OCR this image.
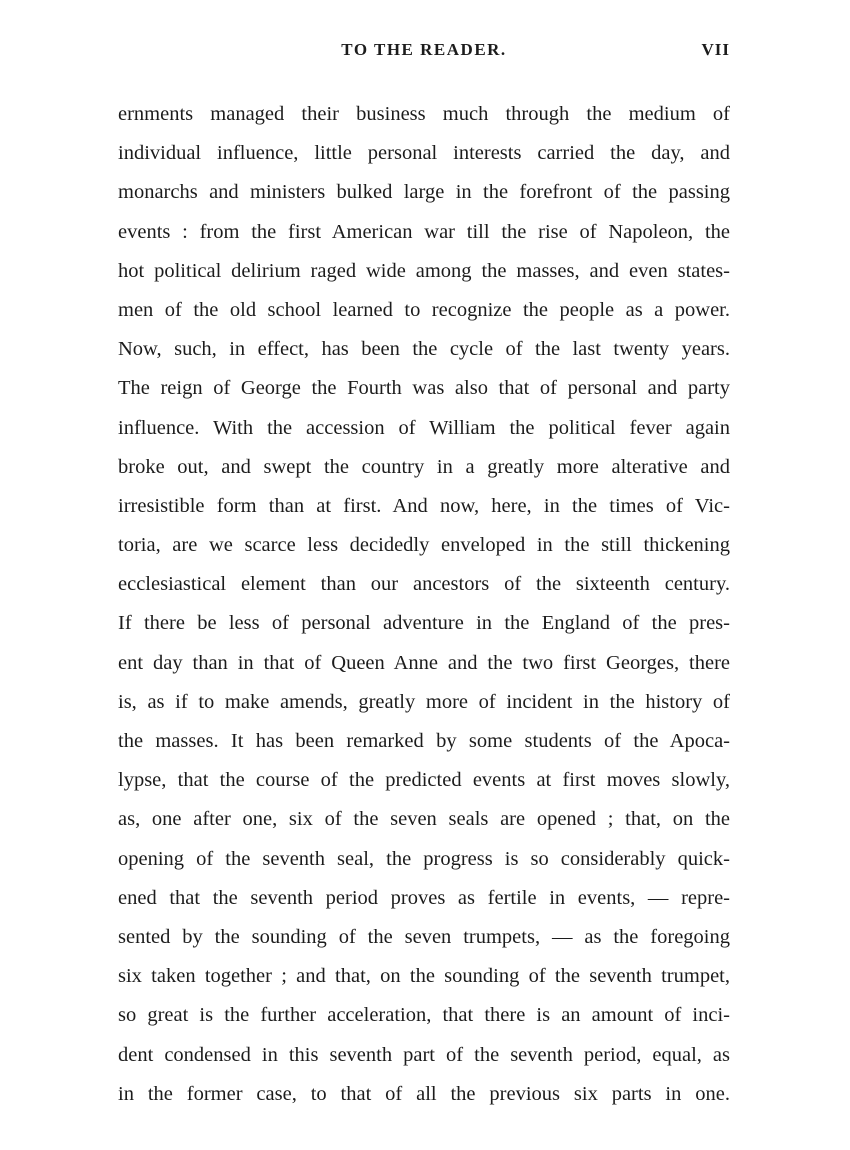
TO THE READER.	VII
ernments managed their business much through the medium of
individual influence, little personal interests carried the day, and
monarchs and ministers bulked large in the forefront of the passing
events : from the first American war till the rise of Napoleon, the
hot political delirium raged wide among the masses, and even states-
men of the old school learned to recognize the people as a power.
Now, such, in effect, has been the cycle of the last twenty years.
The reign of George the Fourth was also that of personal and party
influence. With the accession of William the political fever again
broke out, and swept the country in a greatly more alterative and
irresistible form than at first. And now, here, in the times of Vic-
toria, are we scarce less decidedly enveloped in the still thickening
ecclesiastical element than our ancestors of the sixteenth century.
If there be less of personal adventure in the England of the pres-
ent day than in that of Queen Anne and the two first Georges, there
is, as if to make amends, greatly more of incident in the history of
the masses. It has been remarked by some students of the Apoca-
lypse, that the course of the predicted events at first moves slowly,
as, one after one, six of the seven seals are opened ; that, on the
opening of the seventh seal, the progress is so considerably quick-
ened that the seventh period proves as fertile in events, — repre-
sented by the sounding of the seven trumpets, — as the foregoing
six taken together ; and that, on the sounding of the seventh trumpet,
so great is the further acceleration, that there is an amount of inci-
dent condensed in this seventh part of the seventh period, equal, as
in the former case, to that of all the previous six parts in one.
